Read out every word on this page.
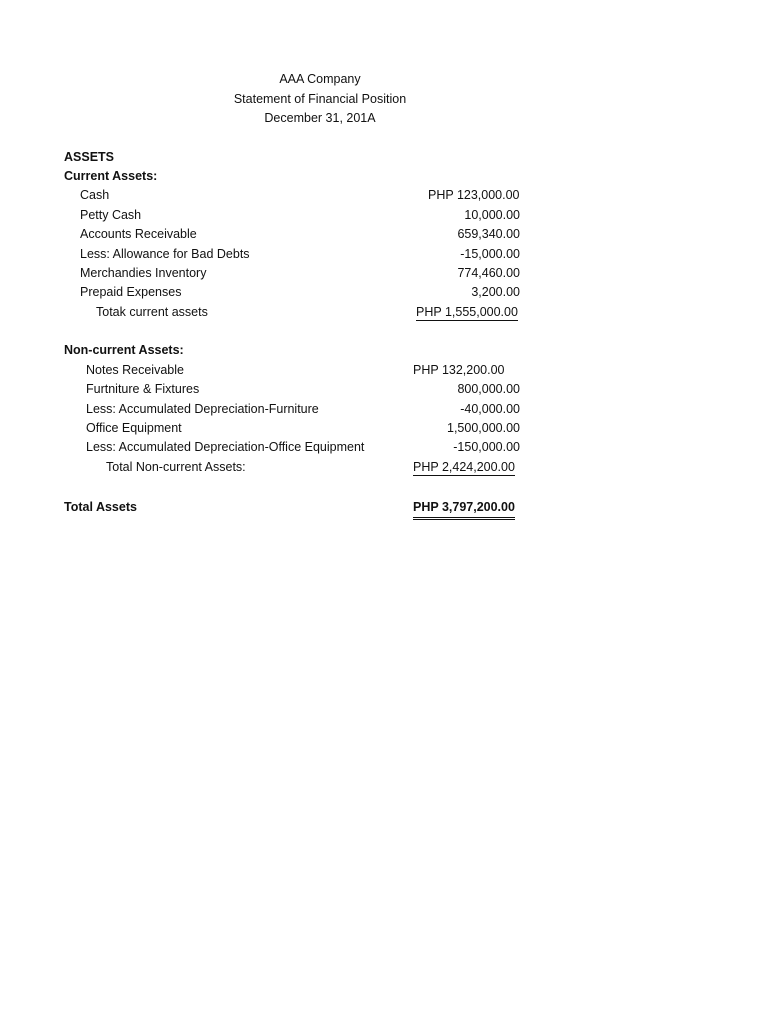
AAA Company
Statement of Financial Position
December 31, 201A
ASSETS
Current Assets:
Cash	PHP 123,000.00
Petty Cash	10,000.00
Accounts Receivable	659,340.00
Less: Allowance for Bad Debts	-15,000.00
Merchandies Inventory	774,460.00
Prepaid Expenses	3,200.00
Totak current assets	PHP 1,555,000.00
Non-current Assets:
Notes Receivable	PHP 132,200.00
Furtniture & Fixtures	800,000.00
Less: Accumulated Depreciation-Furniture	-40,000.00
Office Equipment	1,500,000.00
Less: Accumulated Depreciation-Office Equipment	-150,000.00
Total Non-current Assets:	PHP 2,424,200.00
Total Assets	PHP 3,797,200.00
